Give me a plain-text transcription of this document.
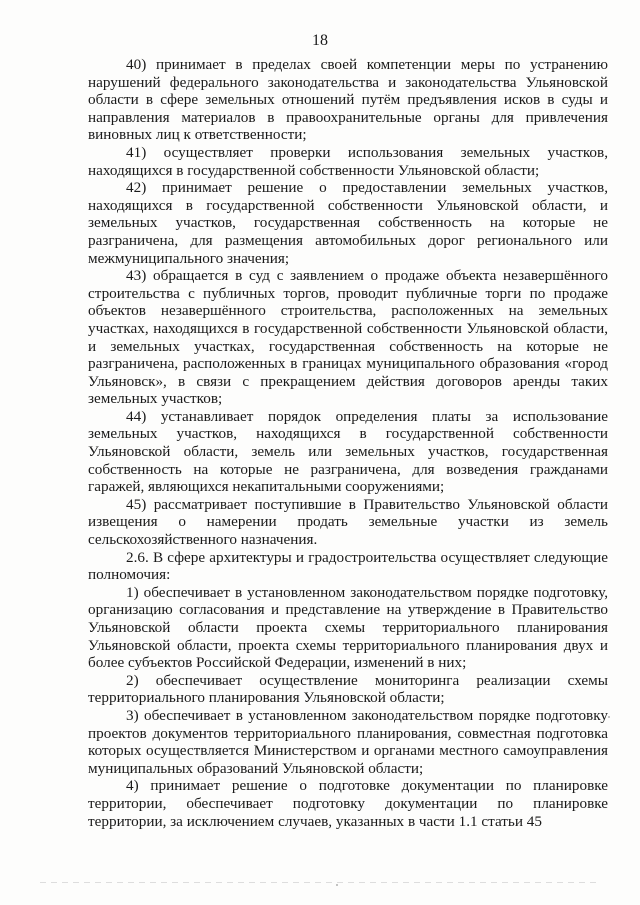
18

40) принимает в пределах своей компетенции меры по устранению нарушений федерального законодательства и законодательства Ульяновской области в сфере земельных отношений путём предъявления исков в суды и направления материалов в правоохранительные органы для привлечения виновных лиц к ответственности;

41) осуществляет проверки использования земельных участков, находящихся в государственной собственности Ульяновской области;

42) принимает решение о предоставлении земельных участков, находящихся в государственной собственности Ульяновской области, и земельных участков, государственная собственность на которые не разграничена, для размещения автомобильных дорог регионального или межмуниципального значения;

43) обращается в суд с заявлением о продаже объекта незавершённого строительства с публичных торгов, проводит публичные торги по продаже объектов незавершённого строительства, расположенных на земельных участках, находящихся в государственной собственности Ульяновской области, и земельных участках, государственная собственность на которые не разграничена, расположенных в границах муниципального образования «город Ульяновск», в связи с прекращением действия договоров аренды таких земельных участков;

44) устанавливает порядок определения платы за использование земельных участков, находящихся в государственной собственности Ульяновской области, земель или земельных участков, государственная собственность на которые не разграничена, для возведения гражданами гаражей, являющихся некапитальными сооружениями;

45) рассматривает поступившие в Правительство Ульяновской области извещения о намерении продать земельные участки из земель сельскохозяйственного назначения.

2.6. В сфере архитектуры и градостроительства осуществляет следующие полномочия:

1) обеспечивает в установленном законодательством порядке подготовку, организацию согласования и представление на утверждение в Правительство Ульяновской области проекта схемы территориального планирования Ульяновской области, проекта схемы территориального планирования двух и более субъектов Российской Федерации, изменений в них;

2) обеспечивает осуществление мониторинга реализации схемы территориального планирования Ульяновской области;

3) обеспечивает в установленном законодательством порядке подготовку проектов документов территориального планирования, совместная подготовка которых осуществляется Министерством и органами местного самоуправления муниципальных образований Ульяновской области;

4) принимает решение о подготовке документации по планировке территории, обеспечивает подготовку документации по планировке территории, за исключением случаев, указанных в части 1.1 статьи 45
